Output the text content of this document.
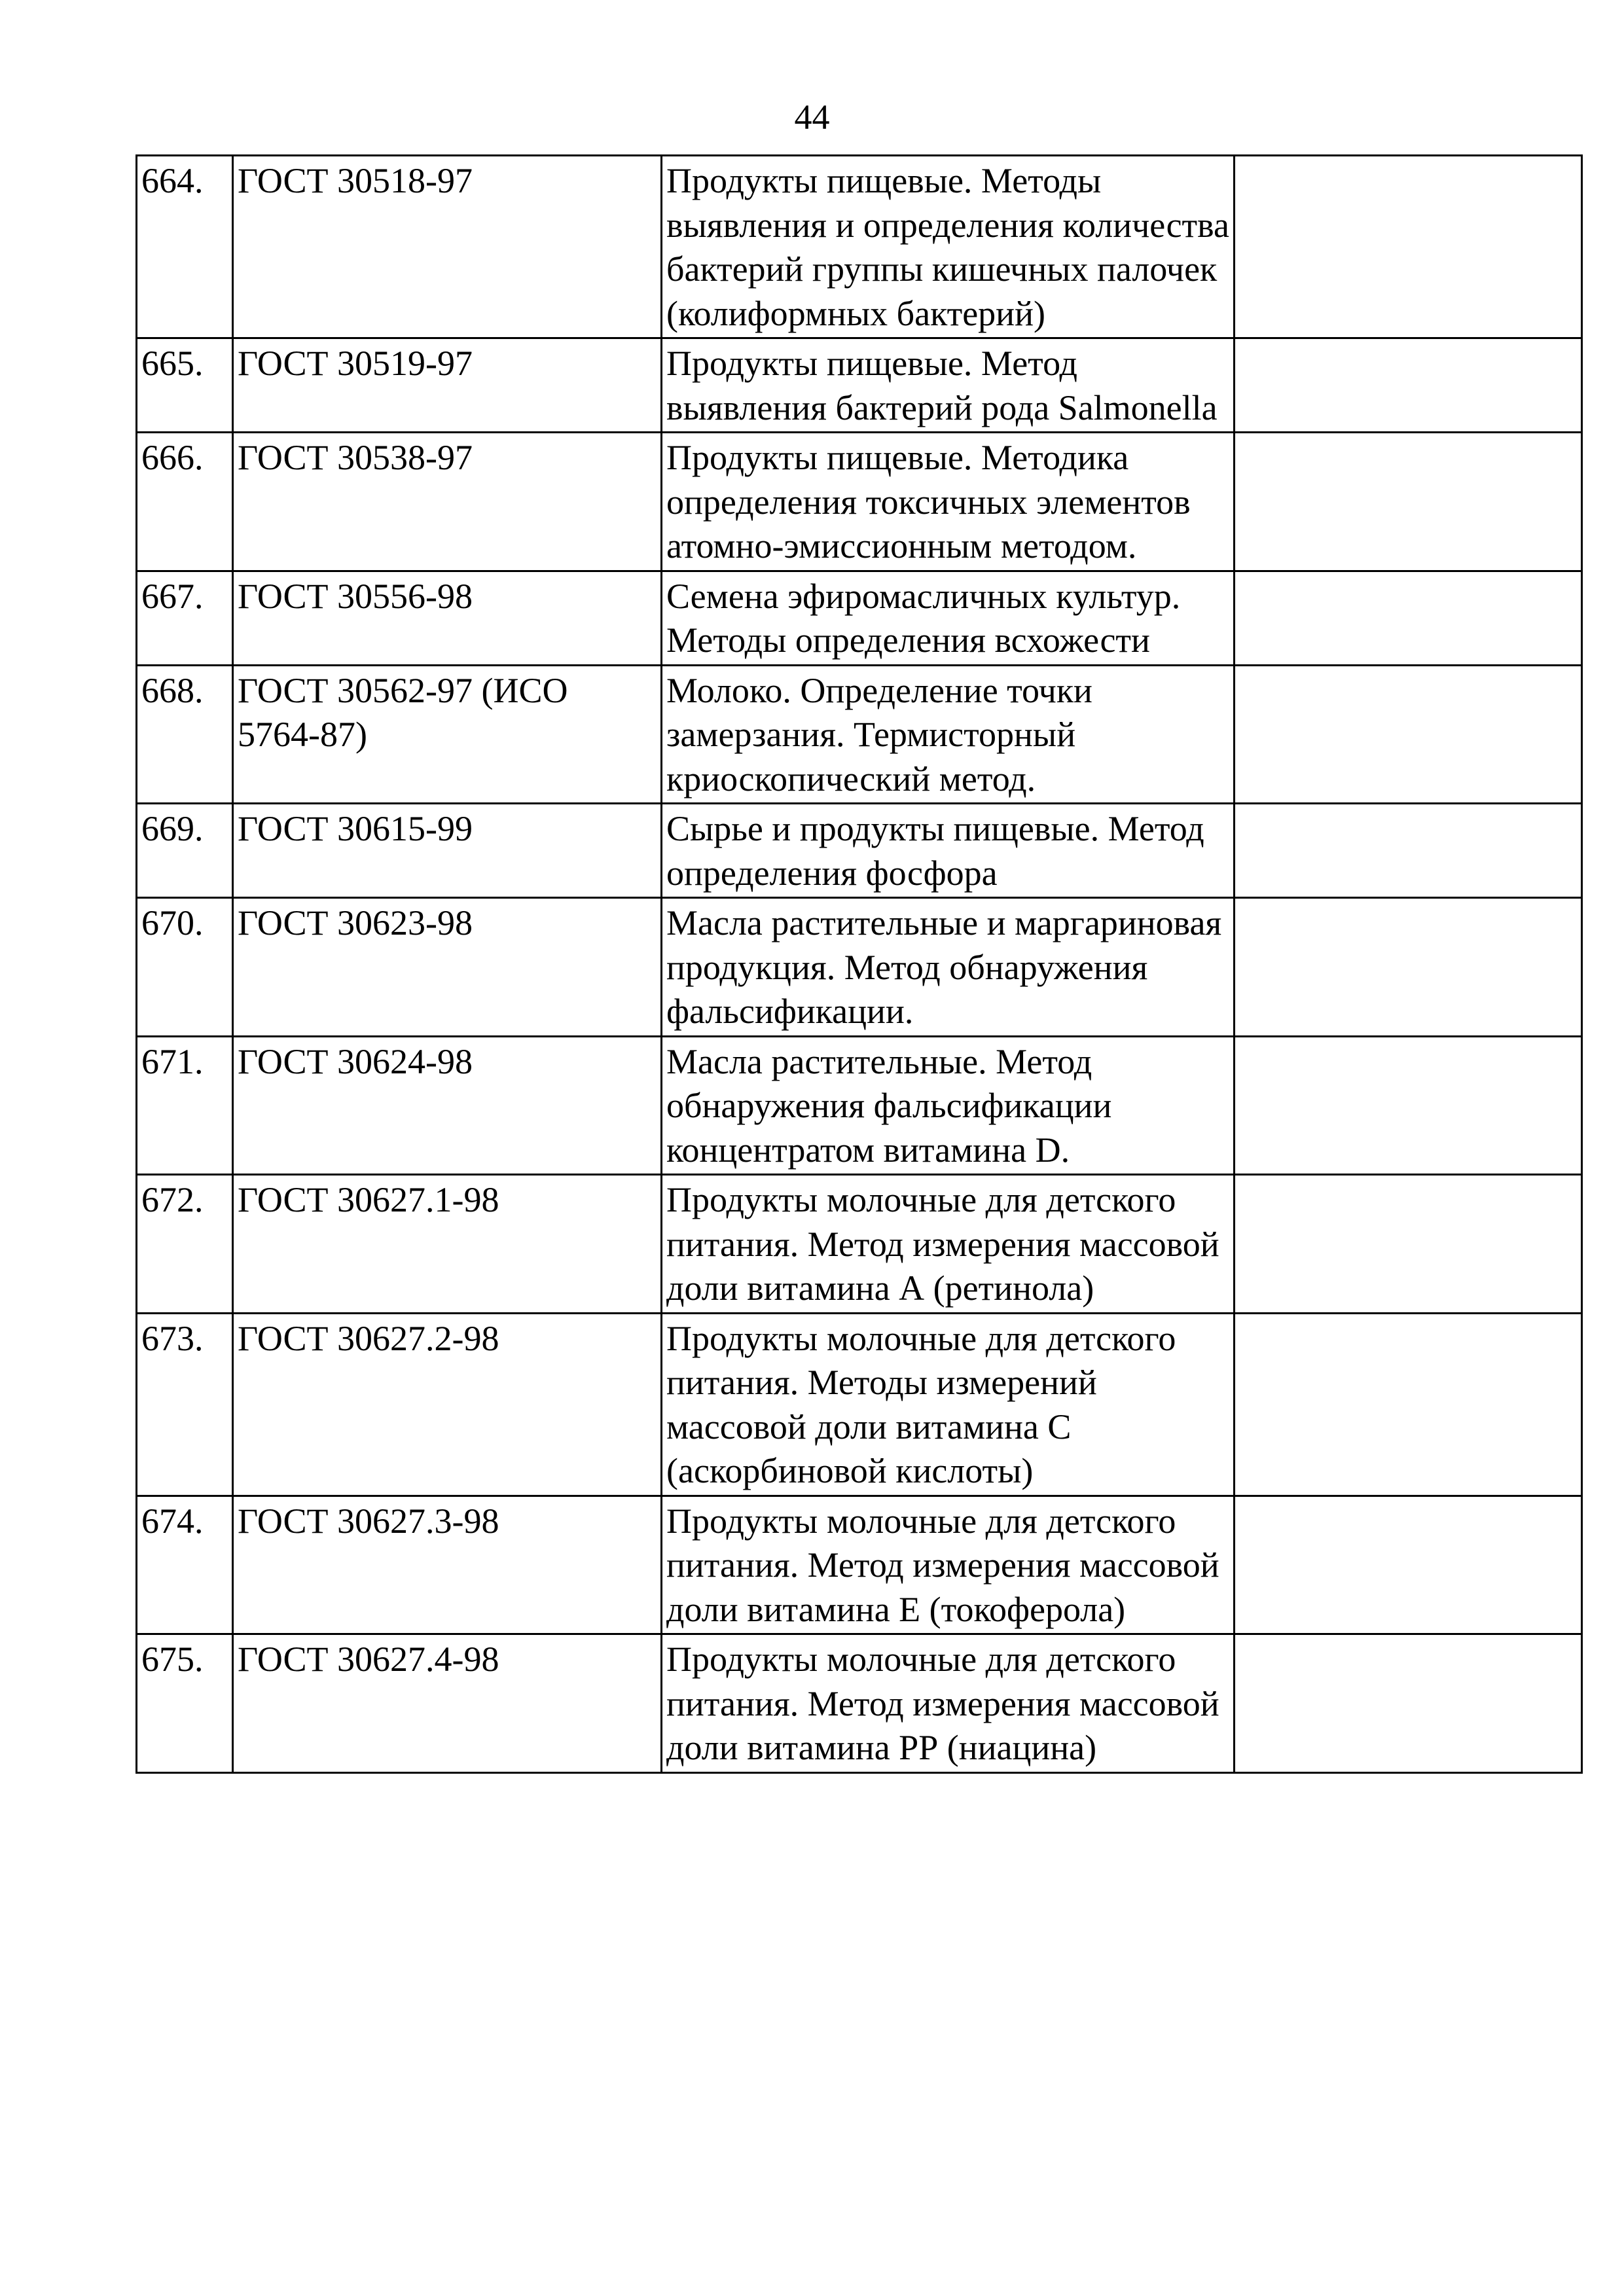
44
664.	ГОСТ 30518-97	Продукты пищевые. Методы выявления и определения количества бактерий группы кишечных палочек (колиформных бактерий)	
665.	ГОСТ 30519-97	Продукты пищевые. Метод выявления бактерий рода Salmonella	
666.	ГОСТ 30538-97	Продукты пищевые. Методика определения токсичных элементов атомно-эмиссионным методом.	
667.	ГОСТ 30556-98	Семена эфиромасличных культур. Методы определения всхожести	
668.	ГОСТ 30562-97 (ИСО 5764-87)	Молоко. Определение точки замерзания. Термисторный криоскопический метод.	
669.	ГОСТ 30615-99	Сырье и продукты пищевые. Метод определения фосфора	
670.	ГОСТ 30623-98	Масла растительные и маргариновая продукция. Метод обнаружения фальсификации.	
671.	ГОСТ 30624-98	Масла растительные. Метод обнаружения фальсификации концентратом витамина D.	
672.	ГОСТ 30627.1-98	Продукты молочные для детского питания. Метод измерения массовой доли витамина А (ретинола)	
673.	ГОСТ 30627.2-98	Продукты молочные для детского питания. Методы измерений массовой доли витамина С (аскорбиновой кислоты)	
674.	ГОСТ 30627.3-98	Продукты молочные для детского питания. Метод измерения массовой доли витамина Е (токоферола)	
675.	ГОСТ 30627.4-98	Продукты молочные для детского питания. Метод измерения массовой доли витамина РР (ниацина)	
